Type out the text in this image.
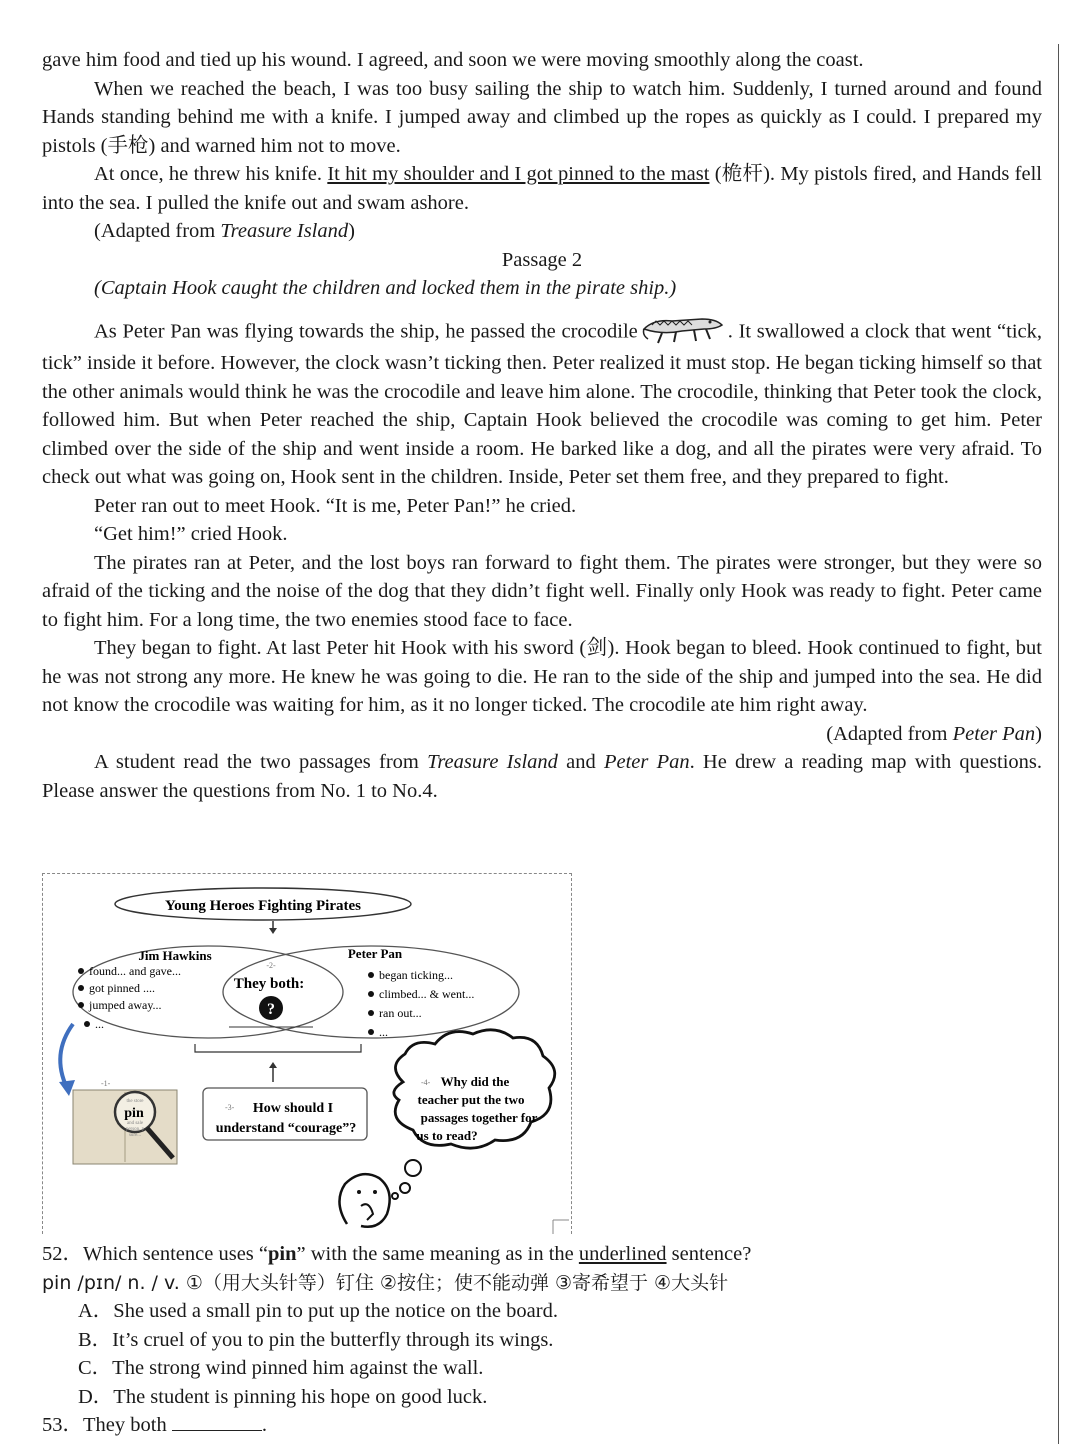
gave him food and tied up his wound. I agreed, and soon we were moving smoothly along the coast.

When we reached the beach, I was too busy sailing the ship to watch him. Suddenly, I turned around and found Hands standing behind me with a knife. I jumped away and climbed up the ropes as quickly as I could. I prepared my pistols (手枪) and warned him not to move.

At once, he threw his knife. It hit my shoulder and I got pinned to the mast (桅杆). My pistols fired, and Hands fell into the sea. I pulled the knife out and swam ashore.

(Adapted from Treasure Island)

Passage 2

(Captain Hook caught the children and locked them in the pirate ship.)

As Peter Pan was flying towards the ship, he passed the crocodile	. It swallowed a clock that went “tick, tick” inside it before. However, the clock wasn’t ticking then. Peter realized it must stop. He began ticking himself so that the other animals would think he was the crocodile and leave him alone. The crocodile, thinking that Peter took the clock, followed him. But when Peter reached the ship, Captain Hook believed the crocodile was coming to get him. Peter climbed over the side of the ship and went inside a room. He barked like a dog, and all the pirates were very afraid. To check out what was going on, Hook sent in the children. Inside, Peter set them free, and they prepared to fight.

Peter ran out to meet Hook. “It is me, Peter Pan!” he cried.

“Get him!” cried Hook.

The pirates ran at Peter, and the lost boys ran forward to fight them. The pirates were stronger, but they were so afraid of the ticking and the noise of the dog that they didn’t fight well. Finally only Hook was ready to fight. Peter came to fight him. For a long time, the two enemies stood face to face.

They began to fight. At last Peter hit Hook with his sword (剑). Hook began to bleed. Hook continued to fight, but he was not strong any more. He knew he was going to die. He ran to the side of the ship and jumped into the sea. He did not know the crocodile was waiting for him, as it no longer ticked. The crocodile ate him right away.

(Adapted from Peter Pan)

A student read the two passages from Treasure Island and Peter Pan. He drew a reading map with questions. Please answer the questions from No. 1 to No.4.

Young Heroes Fighting Pirates
Jim Hawkins	Peter Pan
found... and gave...
got pinned ....
jumped away...
...
began ticking...
climbed... & went...
ran out...
...
-2-
They both:
?
-1-
the store
pin
and sale
person, p
sure...
-3- How should I
understand “courage”?
-4- Why did the
teacher put the two
passages together for
us to read?

52．Which sentence uses “pin” with the same meaning as in the underlined sentence?

pin /pɪn/ n. / v. ①（用大头针等）钉住 ②按住；使不能动弹 ③寄希望于 ④大头针

A．She used a small pin to put up the notice on the board.

B．It’s cruel of you to pin the butterfly through its wings.

C．The strong wind pinned him against the wall.

D．The student is pinning his hope on good luck.

53．They both	.
